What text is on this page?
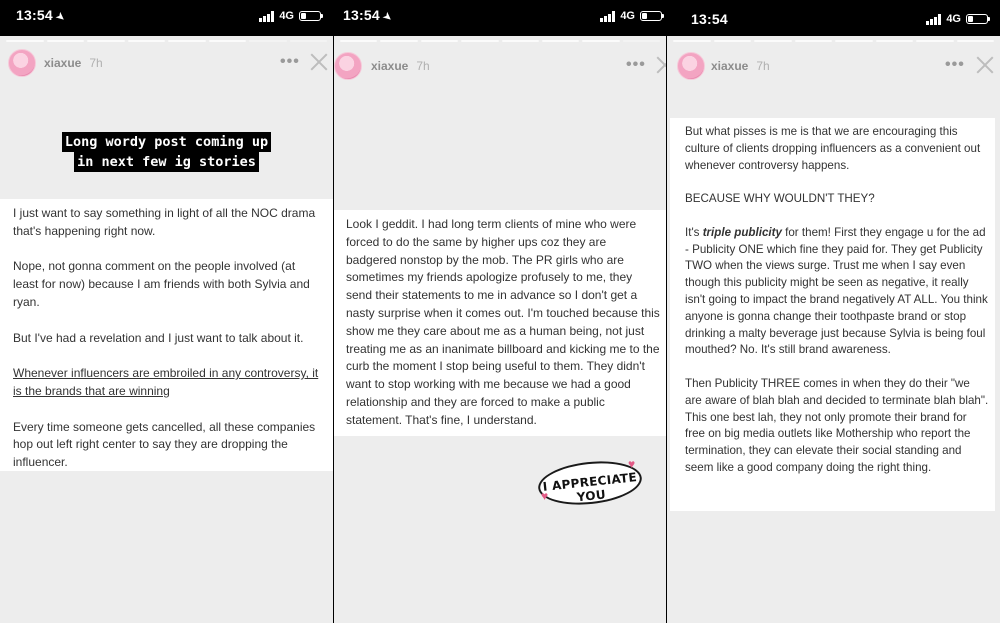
13:54➤	4G
xiaxue 7h	•••
Long wordy post coming up
in next few ig stories

I just want to say something in light of all the NOC drama that's happening right now.

Nope, not gonna comment on the people involved (at least for now) because I am friends with both Sylvia and ryan.

But I've had a revelation and I just want to talk about it.

Whenever influencers are embroiled in any controversy, it is the brands that are winning

Every time someone gets cancelled, all these companies hop out left right center to say they are dropping the influencer.

13:54➤	4G
xiaxue 7h	•••

Look I geddit. I had long term clients of mine who were forced to do the same by higher ups coz they are badgered nonstop by the mob. The PR girls who are sometimes my friends apologize profusely to me, they send their statements to me in advance so I don't get a nasty surprise when it comes out. I'm touched because this show me they care about me as a human being, not just treating me as an inanimate billboard and kicking me to the curb the moment I stop being useful to them. They didn't want to stop working with me because we had a good relationship and they are forced to make a public statement. That's fine, I understand.

I APPRECIATE YOU
♥
♥
13:54	4G
xiaxue 7h	•••

But what pisses is me is that we are encouraging this culture of clients dropping influencers as a convenient out whenever controversy happens.

BECAUSE WHY WOULDN'T THEY?

It's triple publicity for them! First they engage u for the ad - Publicity ONE which fine they paid for. They get Publicity TWO when the views surge. Trust me when I say even though this publicity might be seen as negative, it really isn't going to impact the brand negatively AT ALL. You think anyone is gonna change their toothpaste brand or stop drinking a malty beverage just because Sylvia is being foul mouthed? No. It's still brand awareness.

Then Publicity THREE comes in when they do their "we are aware of blah blah and decided to terminate blah blah". This one best lah, they not only promote their brand for free on big media outlets like Mothership who report the termination, they can elevate their social standing and seem like a good company doing the right thing.
